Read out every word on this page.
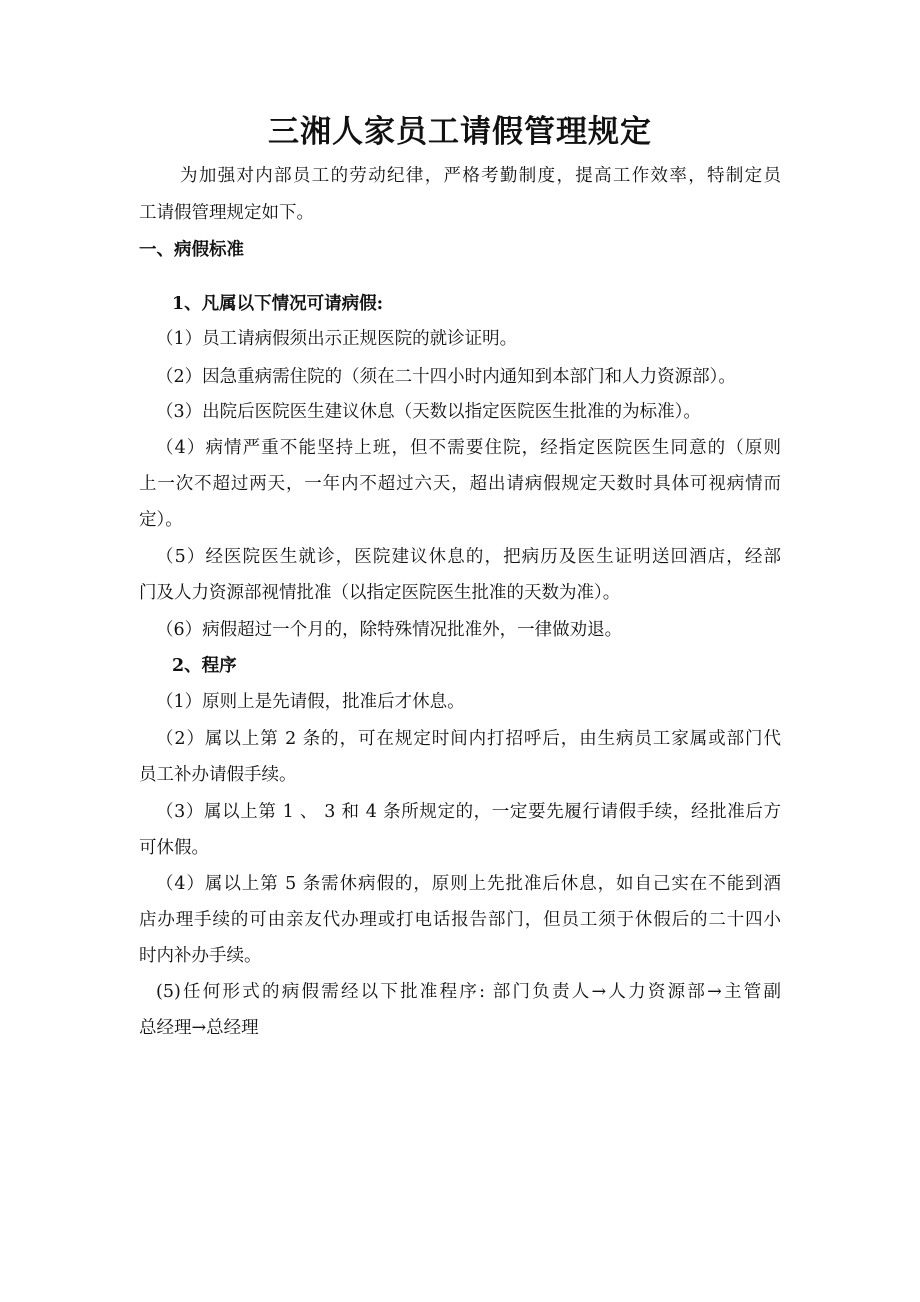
三湘人家员工请假管理规定
为加强对内部员工的劳动纪律，严格考勤制度，提高工作效率，特制定员
工请假管理规定如下。
一、病假标准
1、凡属以下情况可请病假:
（1）员工请病假须出示正规医院的就诊证明。
（2）因急重病需住院的（须在二十四小时内通知到本部门和人力资源部）。
（3）出院后医院医生建议休息（天数以指定医院医生批准的为标准）。
（4）病情严重不能坚持上班，但不需要住院，经指定医院医生同意的（原则
上一次不超过两天，一年内不超过六天，超出请病假规定天数时具体可视病情而
定）。
（5）经医院医生就诊，医院建议休息的，把病历及医生证明送回酒店，经部
门及人力资源部视情批准（以指定医院医生批准的天数为准）。
（6）病假超过一个月的，除特殊情况批准外，一律做劝退。
2、程序
（1）原则上是先请假，批准后才休息。
（2）属以上第 2 条的，可在规定时间内打招呼后，由生病员工家属或部门代
员工补办请假手续。
（3）属以上第 1 、 3 和 4 条所规定的，一定要先履行请假手续，经批准后方
可休假。
（4）属以上第 5 条需休病假的，原则上先批准后休息，如自己实在不能到酒
店办理手续的可由亲友代办理或打电话报告部门，但员工须于休假后的二十四小
时内补办手续。
(5)任何形式的病假需经以下批准程序: 部门负责人→人力资源部→主管副
总经理→总经理
